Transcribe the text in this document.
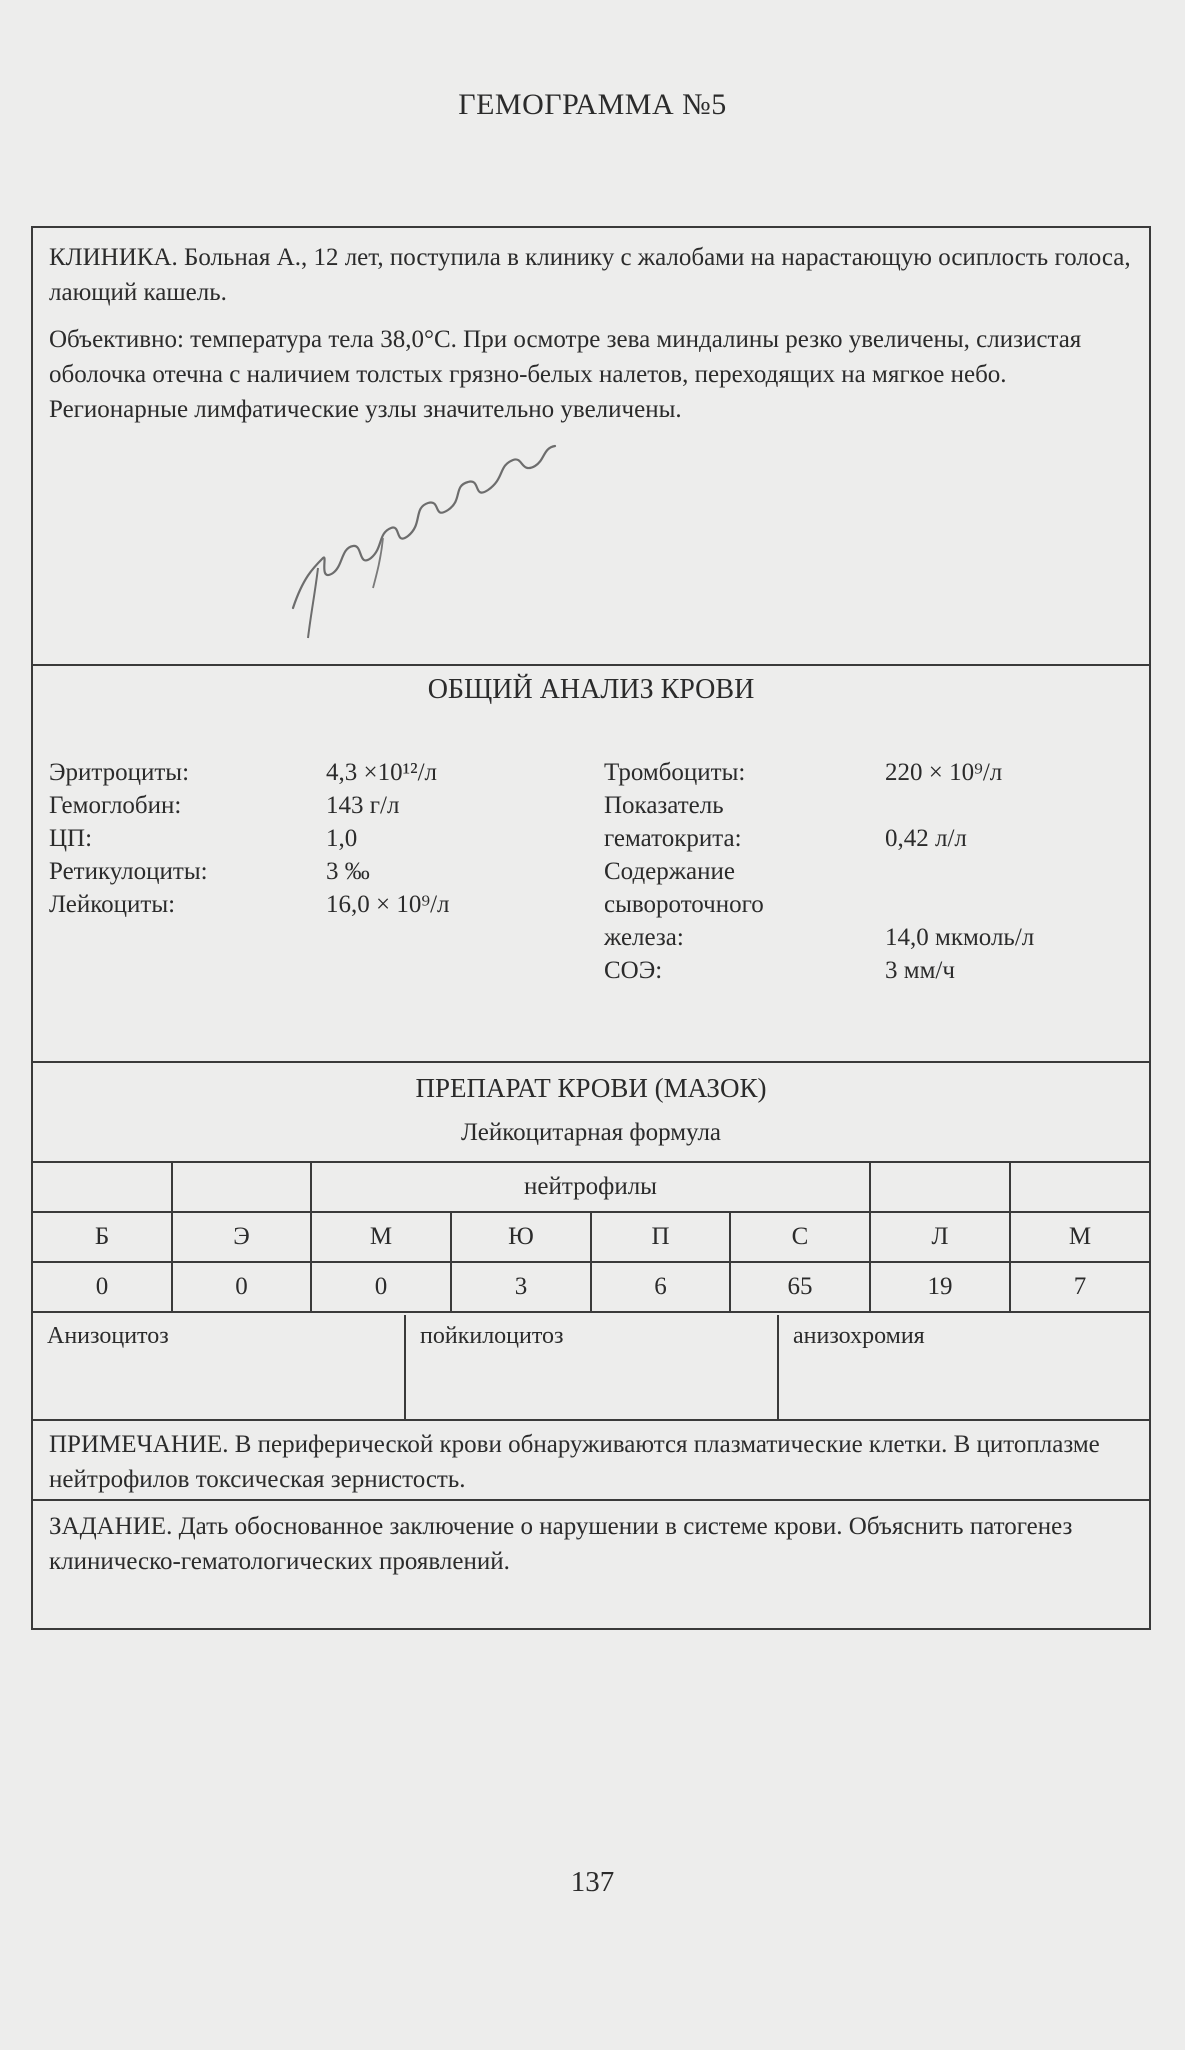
ГЕМОГРАММА №5

КЛИНИКА. Больная А., 12 лет, поступила в клинику с жалобами на нарастающую осиплость голоса, лающий кашель.

Объективно: температура тела 38,0°С. При осмотре зева миндалины резко увеличены, слизистая оболочка отечна с наличием толстых грязно-белых налетов, переходящих на мягкое небо. Регионарные лимфатические узлы значительно увеличены.

ОБЩИЙ АНАЛИЗ КРОВИ
Эритроциты:	4,3 ×10¹²/л
Гемоглобин:	143 г/л
ЦП:	1,0
Ретикулоциты:	3 ‰
Лейкоциты:	16,0 × 10⁹/л
Тромбоциты:	220 × 10⁹/л
Показатель
гематокрита:	0,42 л/л
Содержание
сывороточного
железа:	14,0 мкмоль/л
СОЭ:	3 мм/ч
ПРЕПАРАТ КРОВИ (МАЗОК)
Лейкоцитарная формула
		нейтрофилы					
Б	Э	М	Ю	П	С	Л	М
0	0	0	3	6	65	19	7
Анизоцитоз	пойкилоцитоз	анизохромия

ПРИМЕЧАНИЕ. В периферической крови обнаруживаются плазматические клетки. В цитоплазме нейтрофилов токсическая зернистость.

ЗАДАНИЕ. Дать обоснованное заключение о нарушении в системе крови. Объяснить патогенез клиническо-гематологических проявлений.

137
